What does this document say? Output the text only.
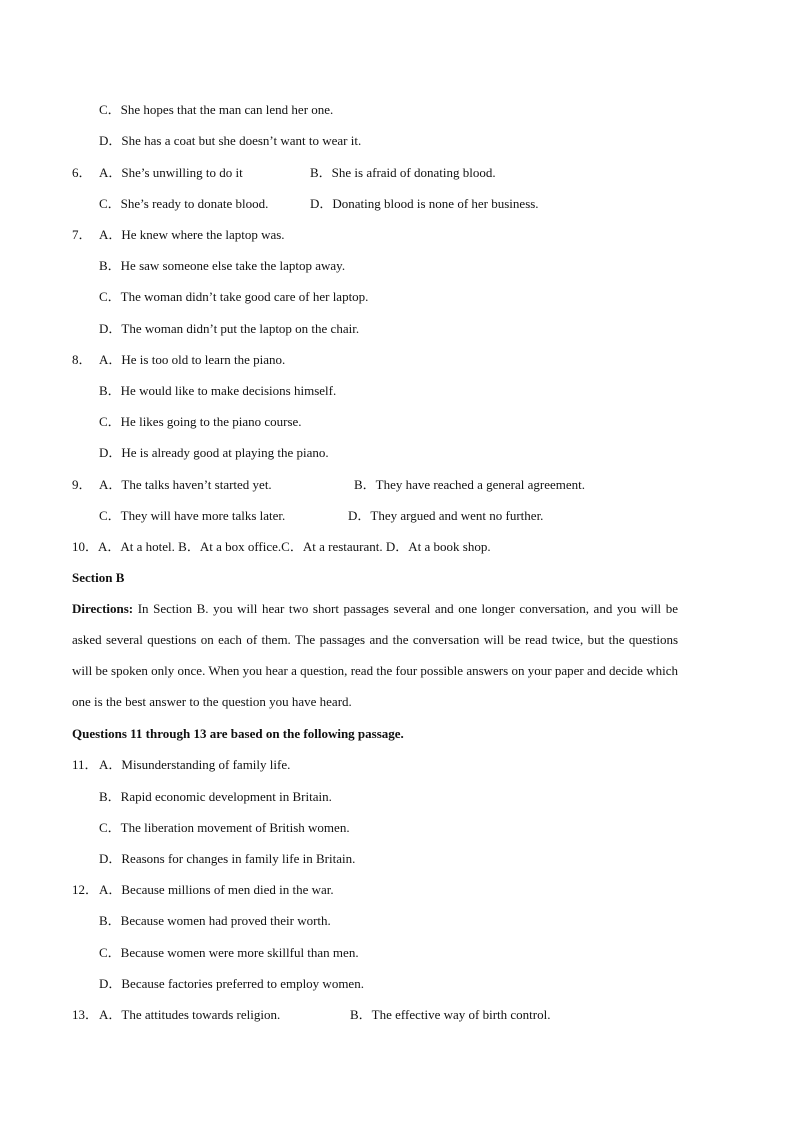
C．She hopes that the man can lend her one.
D．She has a coat but she doesn’t want to wear it.
6． A．She’s unwilling to do it	B．She is afraid of donating blood.
C．She’s ready to donate blood.	D．Donating blood is none of her business.
7． A．He knew where the laptop was.
B．He saw someone else take the laptop away.
C．The woman didn’t take good care of her laptop.
D．The woman didn’t put the laptop on the chair.
8． A．He is too old to learn the piano.
B．He would like to make decisions himself.
C．He likes going to the piano course.
D．He is already good at playing the piano.
9． A．The talks haven’t started yet.	B．They have reached a general agreement.
C．They will have more talks later.	D．They argued and went no further.
10．A．At a hotel. B．At a box office.C．At a restaurant. D．At a book shop.
Section B
Directions: In Section B. you will hear two short passages several and one longer conversation, and you will be asked several questions on each of them. The passages and the conversation will be read twice, but the questions will be spoken only once. When you hear a question, read the four possible answers on your paper and decide which one is the best answer to the question you have heard.
Questions 11 through 13 are based on the following passage.
11． A．Misunderstanding of family life.
B．Rapid economic development in Britain.
C．The liberation movement of British women.
D．Reasons for changes in family life in Britain.
12． A．Because millions of men died in the war.
B．Because women had proved their worth.
C．Because women were more skillful than men.
D．Because factories preferred to employ women.
13． A．The attitudes towards religion.	B．The effective way of birth control.
